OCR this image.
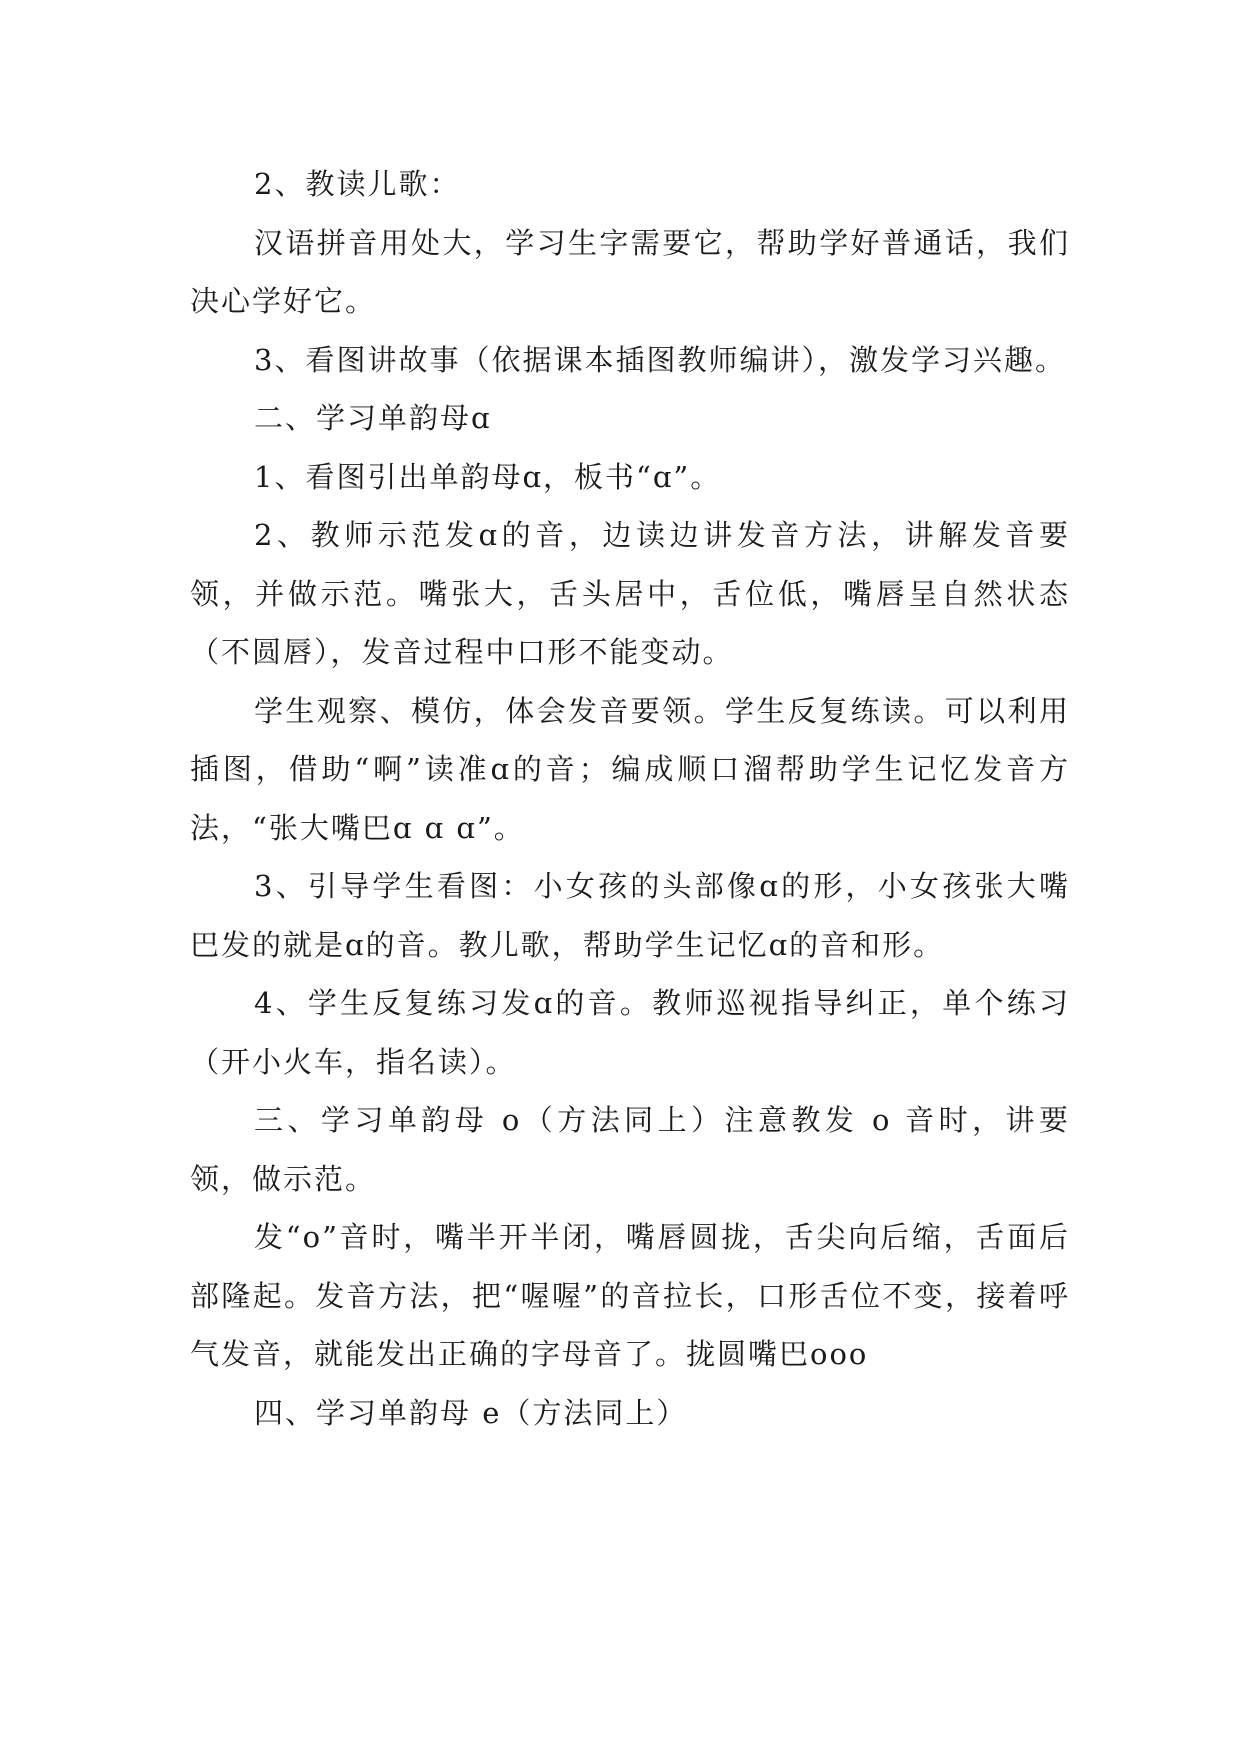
2、教读儿歌：

汉语拼音用处大，学习生字需要它，帮助学好普通话，我们决心学好它。

3、看图讲故事（依据课本插图教师编讲），激发学习兴趣。

二、学习单韵母ɑ

1、看图引出单韵母ɑ，板书“ɑ”。

2、教师示范发ɑ的音，边读边讲发音方法，讲解发音要领，并做示范。嘴张大，舌头居中，舌位低，嘴唇呈自然状态（不圆唇），发音过程中口形不能变动。

学生观察、模仿，体会发音要领。学生反复练读。可以利用插图，借助“啊”读准ɑ的音；编成顺口溜帮助学生记忆发音方法，“张大嘴巴ɑ ɑ ɑ”。

3、引导学生看图：小女孩的头部像ɑ的形，小女孩张大嘴巴发的就是ɑ的音。教儿歌，帮助学生记忆ɑ的音和形。

4、学生反复练习发ɑ的音。教师巡视指导纠正，单个练习（开小火车，指名读）。

三、学习单韵母 o（方法同上）注意教发 o 音时，讲要领，做示范。

发“o”音时，嘴半开半闭，嘴唇圆拢，舌尖向后缩，舌面后部隆起。发音方法，把“喔喔”的音拉长，口形舌位不变，接着呼气发音，就能发出正确的字母音了。拢圆嘴巴ooo

四、学习单韵母 e（方法同上）
